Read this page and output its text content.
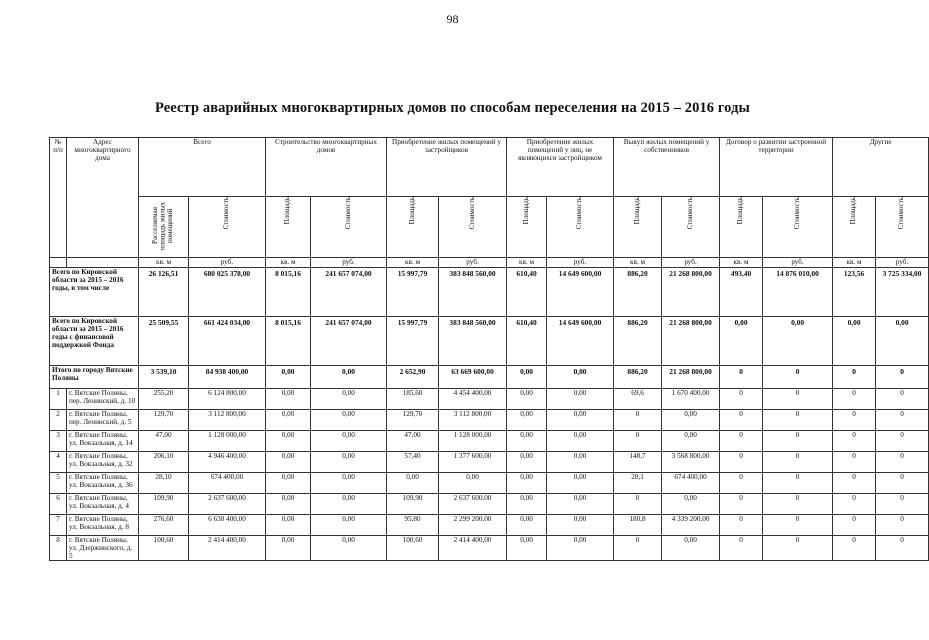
98
Реестр аварийных многоквартирных домов по способам переселения на 2015 – 2016 годы
№ п/п	Адрес многоквартирного дома	Всего		Строительство многоквартирных домов		Приобретение жилых помещений у застройщиков		Приобретение жилых помещений у лиц, не являющихся застройщиком		Выкуп жилых помещений у собственников		Договор о развитии застроенной территории		Другие	
		Расселяемая площадь жилых помещений	Стоимость	Площадь	Стоимость	Площадь	Стоимость	Площадь	Стоимость	Площадь	Стоимость	Площадь	Стоимость	Площадь	Стоимость
		кв. м	руб.	кв. м	руб.	кв. м	руб.	кв. м	руб.	кв. м	руб.	кв. м	руб.	кв. м	руб.
Всего по Кировской области за 2015 – 2016 годы, в том числе		26 126,51	680 025 378,00	8 015,16	241 657 074,00	15 997,79	383 848 560,00	610,40	14 649 600,00	886,20	21 268 800,00	493,40	14 876 010,00	123,56	3 725 334,00

Всего по Кировской области за 2015 – 2016 годы с финансовой поддержкой Фонда		25 509,55	661 424 034,00	8 015,16	241 657 074,00	15 997,79	383 848 560,00	610,40	14 649 600,00	886,20	21 268 800,00	0,00	0,00	0,00	0,00

Итого по городу Вятские Поляны		3 539,10	84 938 400,00	0,00	0,00	2 652,90	63 669 600,00	0,00	0,00	886,20	21 268 800,00	0	0	0	0

1	г. Вятские Поляны, пер. Ленинский, д. 10	255,20	6 124 800,00	0,00	0,00	185,60	4 454 400,00	0,00	0,00	69,6	1 670 400,00	0	0	0	0
2	г. Вятские Поляны, пер. Ленинский, д. 5	129,70	3 112 800,00	0,00	0,00	129,70	3 112 800,00	0,00	0,00	0	0,00	0	0	0	0
3	г. Вятские Поляны, ул. Вокзальная, д. 14	47,00	1 128 000,00	0,00	0,00	47,00	1 128 000,00	0,00	0,00	0	0,00	0	0	0	0
4	г. Вятские Поляны, ул. Вокзальная, д. 32	206,10	4 946 400,00	0,00	0,00	57,40	1 377 600,00	0,00	0,00	148,7	3 568 800,00	0	0	0	0
5	г. Вятские Поляны, ул. Вокзальная, д. 36	28,10	674 400,00	0,00	0,00	0,00	0,00	0,00	0,00	28,1	674 400,00	0	0	0	0
6	г. Вятские Поляны, ул. Вокзальная, д. 4	109,90	2 637 600,00	0,00	0,00	109,90	2 637 600,00	0,00	0,00	0	0,00	0	0	0	0
7	г. Вятские Поляны, ул. Вокзальная, д. 8	276,60	6 638 400,00	0,00	0,00	95,80	2 299 200,00	0,00	0,00	180,8	4 339 200,00	0	0	0	0
8	г. Вятские Поляны, ул. Дзержинского, д. 5	100,60	2 414 400,00	0,00	0,00	100,60	2 414 400,00	0,00	0,00	0	0,00	0	0	0	0
